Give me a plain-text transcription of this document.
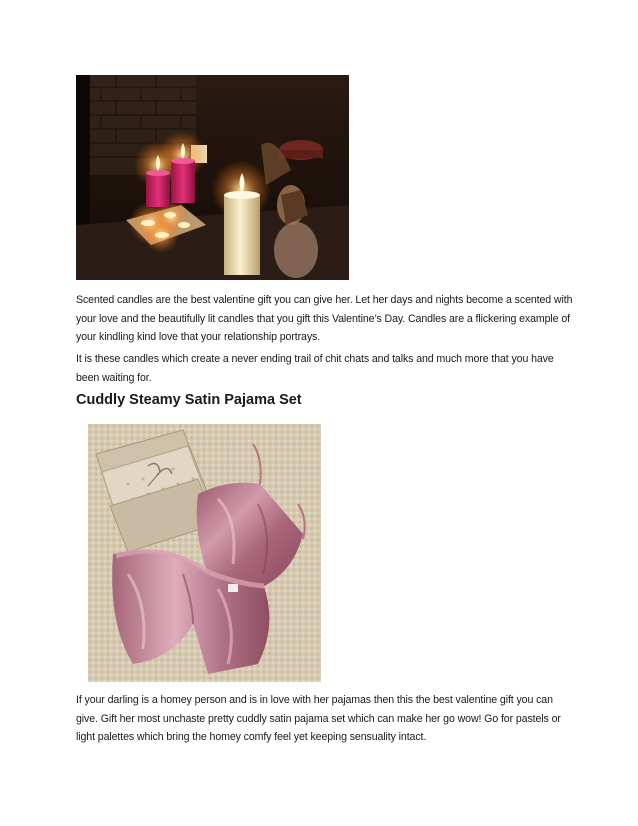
Scented candles are the best valentine gift you can give her. Let her days and nights become a scented with your love and the beautifully lit candles that you gift this Valentine’s Day. Candles are a flickering example of your kindling kind love that your relationship portrays.

It is these candles which create a never ending trail of chit chats and talks and much more that you have been waiting for.

Cuddly Steamy Satin Pajama Set

If your darling is a homey person and is in love with her pajamas then this the best valentine gift you can give. Gift her most unchaste pretty cuddly satin pajama set which can make her go wow! Go for pastels or light palettes which bring the homey comfy feel yet keeping sensuality intact.
